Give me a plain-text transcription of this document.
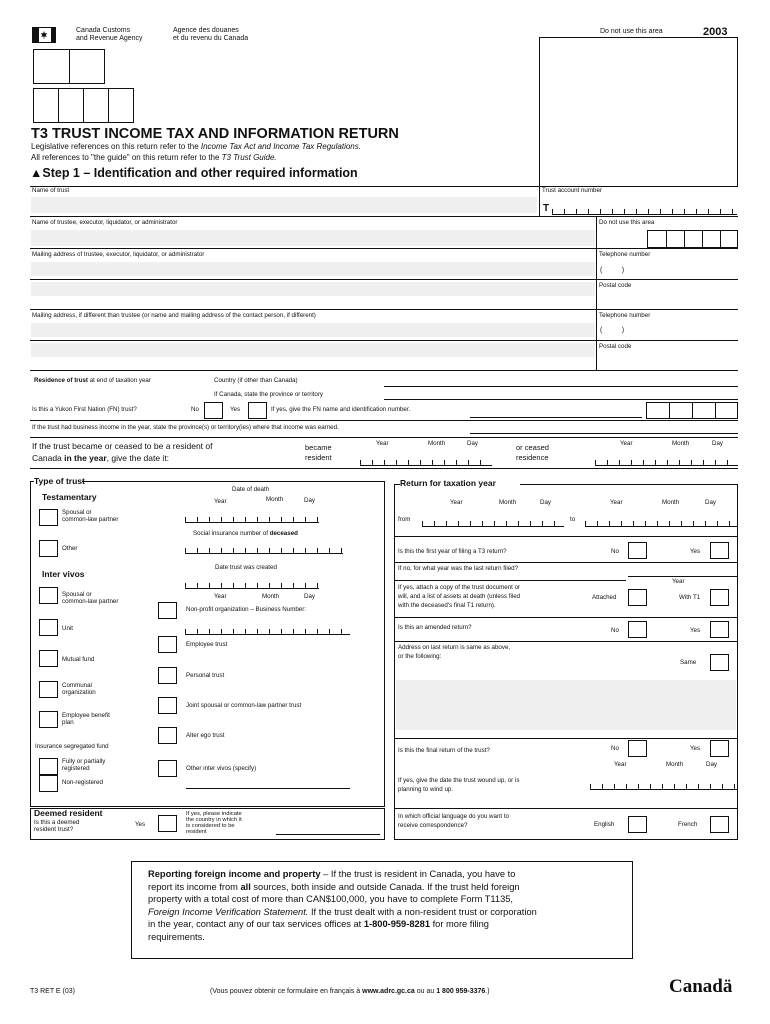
Canada Customs
and Revenue Agency
Agence des douanes
et du revenu du Canada
Do not use this area	2003
T3 TRUST INCOME TAX AND INFORMATION RETURN
Legislative references on this return refer to the Income Tax Act and Income Tax Regulations.
All references to "the guide" on this return refer to the T3 Trust Guide.
▲Step 1 – Identification and other required information
Name of trust	Trust account number
T
Name of trustee, executor, liquidator, or administrator	Do not use this area
Mailing address of trustee, executor, liquidator, or administrator	Telephone number
(          )
Postal code
Mailing address, if different than trustee (or name and mailing address of the contact person, if different)	Telephone number
(          )
Postal code
Residence of trust at end of taxation year	Country (if other than Canada)
If Canada, state the province or territory
Is this a Yukon First Nation (FN) trust?	No	Yes	If yes, give the FN name and identification number.
If the trust had business income in the year, state the province(s) or territory(ies) where that income was earned.
If the trust became or ceased to be a resident of
Canada in the year, give the date it:
became
resident
Year	Month	Day	or ceased
residence
Year	Month	Day
Type of trust
Testamentary
Date of death
Year	Month	Day
Spousal or
common-law partner
Social insurance number of deceased
Other
Inter vivos
Date trust was created
Year	Month	Day
Spousal or
common-law partner
Non-profit organization – Business Number:
Unit
Employee trust
Mutual fund
Personal trust
Communal
organization
Joint spousal or common-law partner trust
Employee benefit
plan
Alter ego trust
Insurance segregated fund
Fully or partially
registered
Non-registered
Other inter vivos (specify)
Deemed resident
Is this a deemed
resident trust?
Yes
If yes, please indicate
the country in which it
is considered to be
resident
Return for taxation year
Year	Month	Day	Year	Month	Day
from	to
Is this the first year of filing a T3 return?	No	Yes
If no, for what year was the last return filed?
Year
If yes, attach a copy of the trust document or
will, and a list of assets at death (unless filed
with the deceased's final T1 return).
Attached	With T1
Is this an amended return?	No	Yes
Address on last return is same as above,
or the following:
Same
Is this the final return of the trust?	No	Yes
Year	Month	Day
If yes, give the date the trust wound up, or is
planning to wind up.
In which official language do you want to
receive correspondence?	English	French
Reporting foreign income and property – If the trust is resident in Canada, you have to
report its income from all sources, both inside and outside Canada. If the trust held foreign
property with a total cost of more than CAN$100,000, you have to complete Form T1135,
Foreign Income Verification Statement. If the trust dealt with a non-resident trust or corporation
in the year, contact any of our tax services offices at 1-800-959-8281 for more filing
requirements.
T3 RET E (03)	(Vous pouvez obtenir ce formulaire en français à www.adrc.gc.ca ou au 1 800 959-3376.)	Canadä
